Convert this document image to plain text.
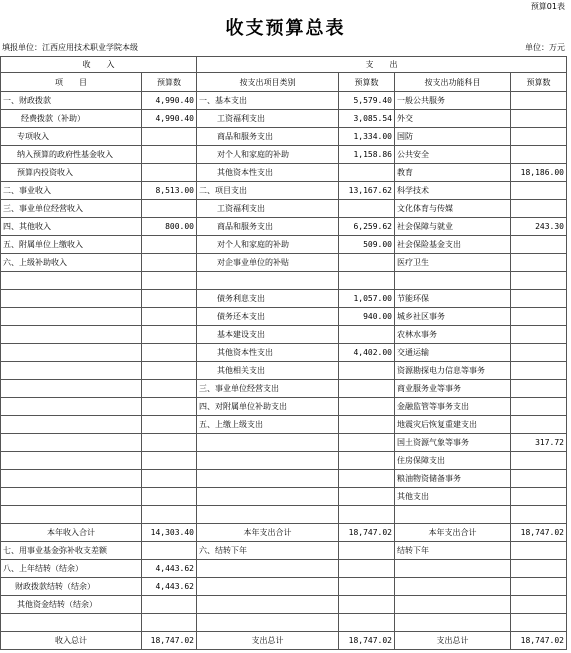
预算01表
收支预算总表
填报单位：江西应用技术职业学院本级	单位：万元
收　　入		支　　出			
项　　目	预算数	按支出项目类别	预算数	按支出功能科目	预算数
一、财政拨款	4,990.40	一、基本支出	5,579.40	一般公共服务	
经费拨款（补助）	4,990.40	工资福利支出	3,085.54	外交	
专项收入		商品和服务支出	1,334.00	国防	
纳入预算的政府性基金收入		对个人和家庭的补助	1,158.86	公共安全	
预算内投资收入		其他资本性支出		教育	18,186.00
二、事业收入	8,513.00	二、项目支出	13,167.62	科学技术	
三、事业单位经营收入		工资福利支出		文化体育与传媒	
四、其他收入	800.00	商品和服务支出	6,259.62	社会保障与就业	243.30
五、附属单位上缴收入		对个人和家庭的补助	509.00	社会保险基金支出	
六、上级补助收入		对企事业单位的补贴		医疗卫生	

		债务利息支出	1,057.00	节能环保	
		债务还本支出	940.00	城乡社区事务	
		基本建设支出		农林水事务	
		其他资本性支出	4,402.00	交通运输	
		其他相关支出		资源勘探电力信息等事务	
		三、事业单位经营支出		商业服务业等事务	
		四、对附属单位补助支出		金融监管等事务支出	
		五、上缴上级支出		地震灾后恢复重建支出	
				国土资源气象等事务	317.72
				住房保障支出	
				粮油物资储备事务	
				其他支出	

本年收入合计	14,303.40	本年支出合计	18,747.02	本年支出合计	18,747.02
七、用事业基金弥补收支差额		六、结转下年		结转下年	
八、上年结转（结余）	4,443.62				
财政拨款结转（结余）	4,443.62				
其他资金结转（结余）					

收入总计	18,747.02	支出总计	18,747.02	支出总计	18,747.02
